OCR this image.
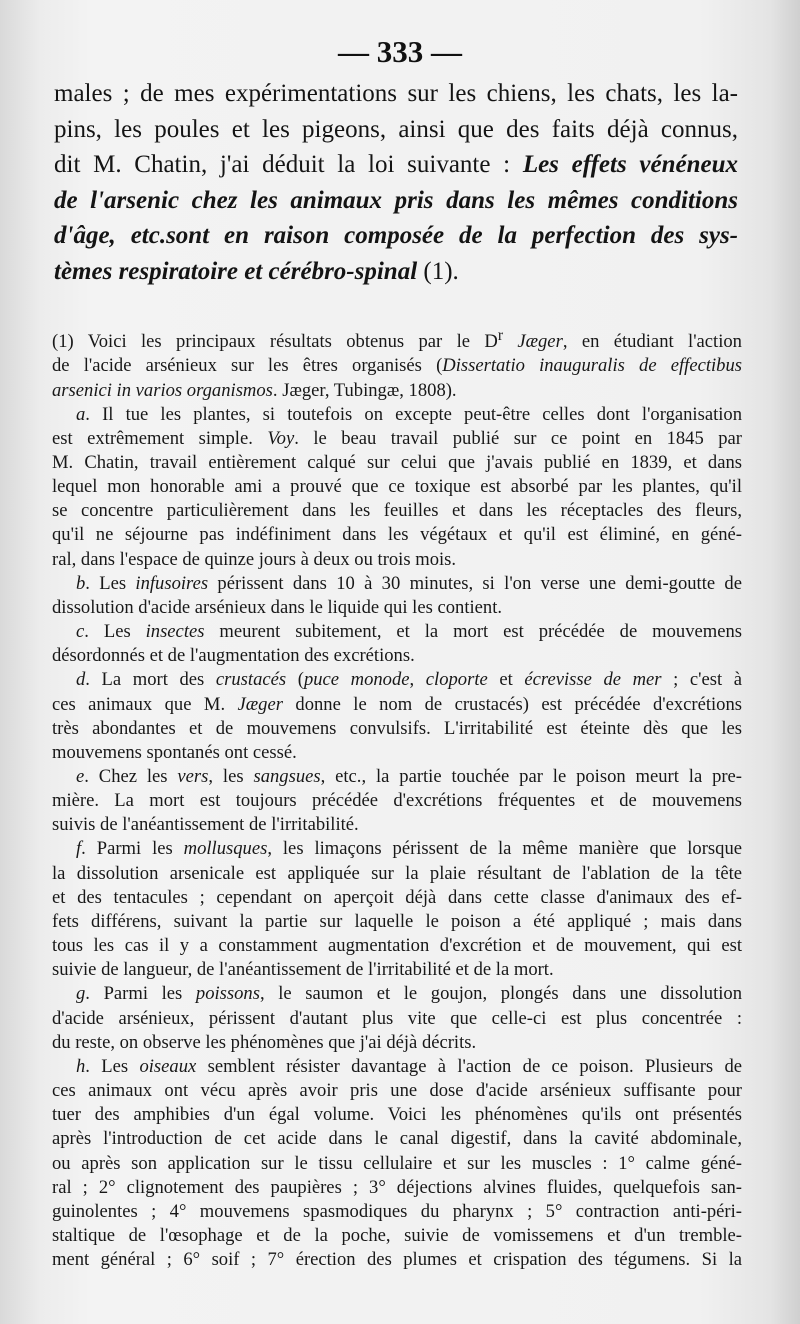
— 333 —
males ; de mes expérimentations sur les chiens, les chats, les la-
pins, les poules et les pigeons, ainsi que des faits déjà connus,
dit M. Chatin, j'ai déduit la loi suivante : Les effets vénéneux
de l'arsenic chez les animaux pris dans les mêmes conditions
d'âge, etc.sont en raison composée de la perfection des sys-
tèmes respiratoire et cérébro-spinal (1).
(1) Voici les principaux résultats obtenus par le $D^r$ Jæger, en étudiant l'action
de l'acide arsénieux sur les êtres organisés (Dissertatio inauguralis de effectibus
arsenici in varios organismos. Jæger, Tubingæ, 1808).
a. Il tue les plantes, si toutefois on excepte peut-être celles dont l'organisation
est extrêmement simple. Voy. le beau travail publié sur ce point en 1845 par
M. Chatin, travail entièrement calqué sur celui que j'avais publié en 1839, et dans
lequel mon honorable ami a prouvé que ce toxique est absorbé par les plantes, qu'il
se concentre particulièrement dans les feuilles et dans les réceptacles des fleurs,
qu'il ne séjourne pas indéfiniment dans les végétaux et qu'il est éliminé, en géné-
ral, dans l'espace de quinze jours à deux ou trois mois.
b. Les infusoires périssent dans 10 à 30 minutes, si l'on verse une demi-goutte de
dissolution d'acide arsénieux dans le liquide qui les contient.
c. Les insectes meurent subitement, et la mort est précédée de mouvemens
désordonnés et de l'augmentation des excrétions.
d. La mort des crustacés (puce monode, cloporte et écrevisse de mer ; c'est à
ces animaux que M. Jæger donne le nom de crustacés) est précédée d'excrétions
très abondantes et de mouvemens convulsifs. L'irritabilité est éteinte dès que les
mouvemens spontanés ont cessé.
e. Chez les vers, les sangsues, etc., la partie touchée par le poison meurt la pre-
mière. La mort est toujours précédée d'excrétions fréquentes et de mouvemens
suivis de l'anéantissement de l'irritabilité.
f. Parmi les mollusques, les limaçons périssent de la même manière que lorsque
la dissolution arsenicale est appliquée sur la plaie résultant de l'ablation de la tête
et des tentacules ; cependant on aperçoit déjà dans cette classe d'animaux des ef-
fets différens, suivant la partie sur laquelle le poison a été appliqué ; mais dans
tous les cas il y a constamment augmentation d'excrétion et de mouvement, qui est
suivie de langueur, de l'anéantissement de l'irritabilité et de la mort.
g. Parmi les poissons, le saumon et le goujon, plongés dans une dissolution
d'acide arsénieux, périssent d'autant plus vite que celle-ci est plus concentrée :
du reste, on observe les phénomènes que j'ai déjà décrits.
h. Les oiseaux semblent résister davantage à l'action de ce poison. Plusieurs de
ces animaux ont vécu après avoir pris une dose d'acide arsénieux suffisante pour
tuer des amphibies d'un égal volume. Voici les phénomènes qu'ils ont présentés
après l'introduction de cet acide dans le canal digestif, dans la cavité abdominale,
ou après son application sur le tissu cellulaire et sur les muscles : 1° calme géné-
ral ; 2° clignotement des paupières ; 3° déjections alvines fluides, quelquefois san-
guinolentes ; 4° mouvemens spasmodiques du pharynx ; 5° contraction anti-péri-
staltique de l'œsophage et de la poche, suivie de vomissemens et d'un tremble-
ment général ; 6° soif ; 7° érection des plumes et crispation des tégumens. Si la
